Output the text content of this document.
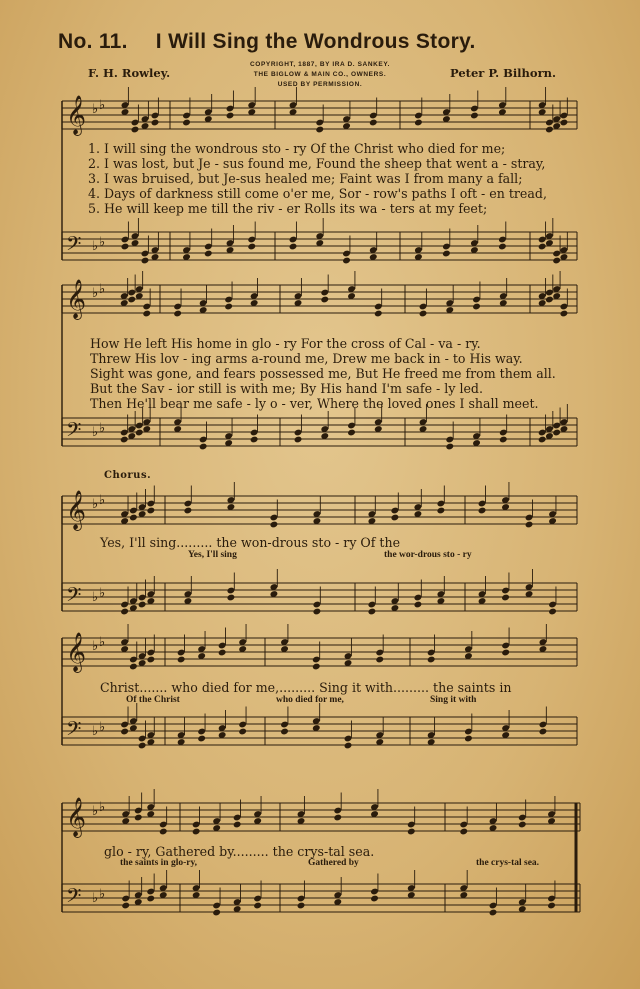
No. 11. I Will Sing the Wondrous Story.
F. H. Rowley.	Peter P. Bilhorn.
COPYRIGHT, 1887, BY IRA D. SANKEY.
THE BIGLOW & MAIN CO., OWNERS.
USED BY PERMISSION.
𝄞 ♭ ♭
𝄢 ♭ ♭
𝄞 ♭ ♭
𝄢 ♭ ♭
𝄞 ♭ ♭
𝄢 ♭ ♭
𝄞 ♭ ♭
𝄢 ♭ ♭
𝄞 ♭ ♭
𝄢 ♭ ♭
1. I will sing the wondrous sto - ry Of the Christ who died for me;
2. I was lost, but Je - sus found me, Found the sheep that went a - stray,
3. I was bruised, but Je-sus healed me; Faint was I from many a fall;
4. Days of darkness still come o'er me, Sor - row's paths I oft - en tread,
5. He will keep me till the riv - er Rolls its wa - ters at my feet;
How He left His home in glo - ry For the cross of Cal - va - ry.
Threw His lov - ing arms a-round me, Drew me back in - to His way.
Sight was gone, and fears possessed me, But He freed me from them all.
But the Sav - ior still is with me; By His hand I'm safe - ly led.
Then He'll bear me safe - ly o - ver, Where the loved ones I shall meet.
Chorus.
Yes, I'll sing......... the won-drous sto - ry Of the
Yes, I'll sing	the wor-drous sto - ry
Christ....... who died for me,......... Sing it with......... the saints in
Of the Christ	who died for me,	Sing it with
glo - ry, Gathered by......... the crys-tal sea.
the saints in glo-ry,	Gathered by	the crys-tal sea.
